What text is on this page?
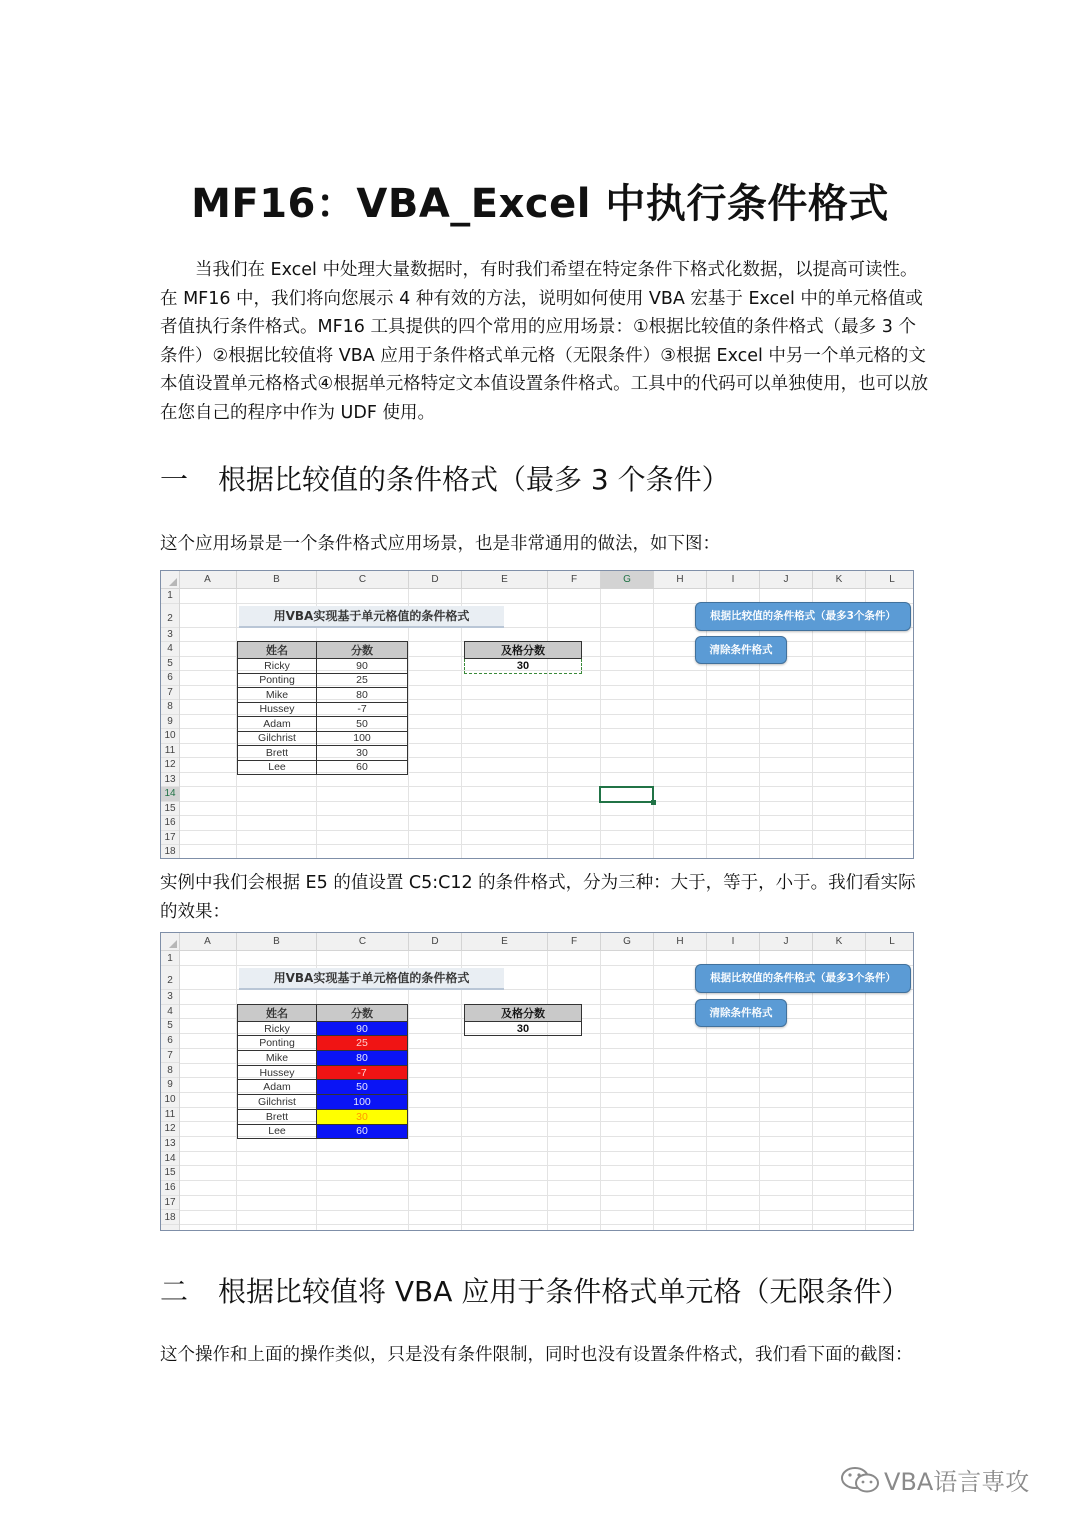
MF16：VBA_Excel 中执行条件格式
当我们在 Excel 中处理大量数据时，有时我们希望在特定条件下格式化数据，以提高可读性。在 MF16 中，我们将向您展示 4 种有效的方法，说明如何使用 VBA 宏基于 Excel 中的单元格值或者值执行条件格式。MF16 工具提供的四个常用的应用场景：①根据比较值的条件格式（最多 3 个条件）②根据比较值将 VBA 应用于条件格式单元格（无限条件）③根据 Excel 中另一个单元格的文本值设置单元格格式④根据单元格特定文本值设置条件格式。工具中的代码可以单独使用，也可以放在您自己的程序中作为 UDF 使用。
一 根据比较值的条件格式（最多 3 个条件）
这个应用场景是一个条件格式应用场景，也是非常通用的做法，如下图：
A	B	C	D	E	F	G	H	I	J	K	L
1
2
3
4
5
6
7
8
9
10
11
12
13
14
15
16
17
18
用VBA实现基于单元格值的条件格式
姓名	分数
Ricky	90
Ponting	25
Mike	80
Hussey	-7
Adam	50
Gilchrist	100
Brett	30
Lee	60
及格分数
30
根据比较值的条件格式（最多3个条件）
清除条件格式
实例中我们会根据 E5 的值设置 C5:C12 的条件格式，分为三种：大于，等于，小于。我们看实际的效果：
A	B	C	D	E	F	G	H	I	J	K	L
1
2
3
4
5
6
7
8
9
10
11
12
13
14
15
16
17
18
用VBA实现基于单元格值的条件格式
姓名	分数
Ricky	90
Ponting	25
Mike	80
Hussey	-7
Adam	50
Gilchrist	100
Brett	30
Lee	60
及格分数
30
根据比较值的条件格式（最多3个条件）
清除条件格式
二 根据比较值将 VBA 应用于条件格式单元格（无限条件）
这个操作和上面的操作类似，只是没有条件限制，同时也没有设置条件格式，我们看下面的截图：
VBA语言専攻
